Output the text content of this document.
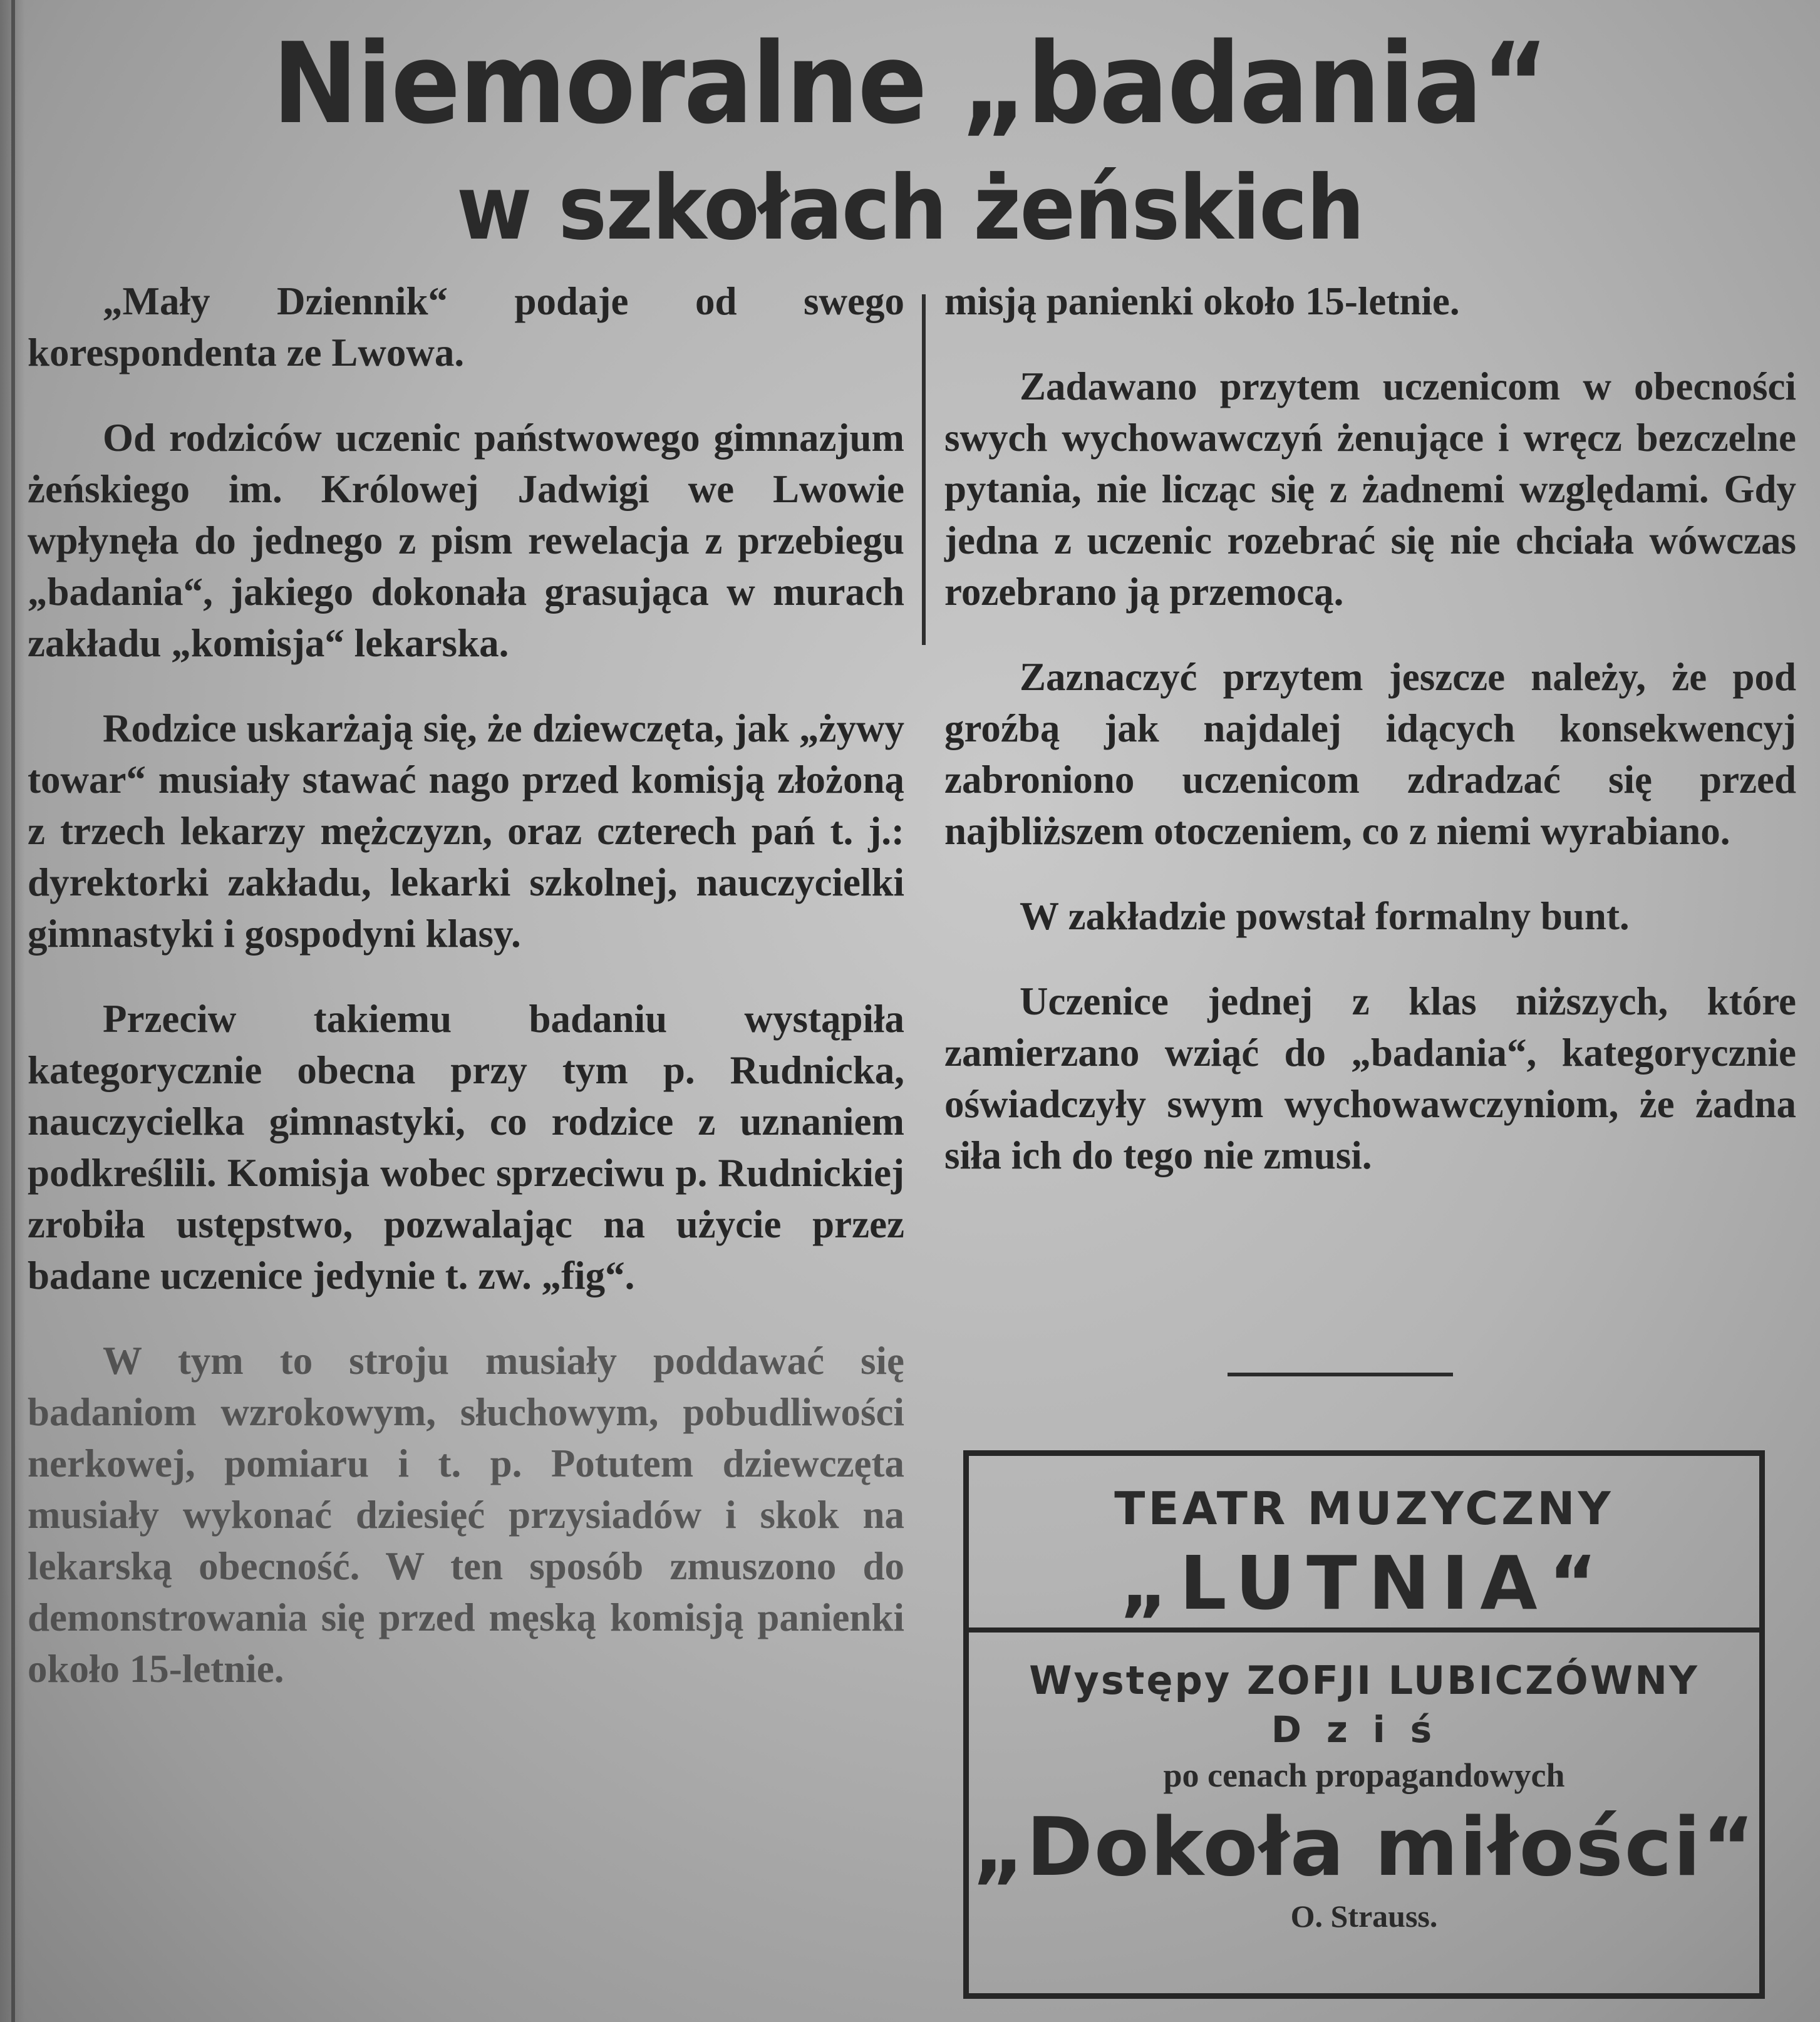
Niemoralne „badania“
w szkołach żeńskich

„Mały Dziennik“ podaje od swego korespondenta ze Lwowa.

Od rodziców uczenic państwowego gimnazjum żeńskiego im. Królowej Jadwigi we Lwowie wpłynęła do jednego z pism rewelacja z przebiegu „badania“, jakiego dokonała grasująca w murach zakładu „komisja“ lekarska.

Rodzice uskarżają się, że dziewczęta, jak „żywy towar“ musiały stawać nago przed komisją złożoną z trzech lekarzy mężczyzn, oraz czterech pań t. j.: dyrektorki zakładu, lekarki szkolnej, nauczycielki gimnastyki i gospodyni klasy.

Przeciw takiemu badaniu wystąpiła kategorycznie obecna przy tym p. Rudnicka, nauczycielka gimnastyki, co rodzice z uznaniem podkreślili. Komisja wobec sprzeciwu p. Rudnickiej zrobiła ustępstwo, pozwalając na użycie przez badane uczenice jedynie t. zw. „fig“.

W tym to stroju musiały poddawać się badaniom wzrokowym, słuchowym, pobudliwości nerkowej, pomiaru i t. p. Potutem dziewczęta musiały wykonać dziesięć przysiadów i skok na lekarską obecność. W ten sposób zmuszono do demonstrowania się przed męską komisją panienki około 15-letnie.

misją panienki około 15-letnie.

Zadawano przytem uczenicom w obecności swych wychowawczyń żenujące i wręcz bezczelne pytania, nie licząc się z żadnemi względami. Gdy jedna z uczenic rozebrać się nie chciała wówczas rozebrano ją przemocą.

Zaznaczyć przytem jeszcze należy, że pod groźbą jak najdalej idących konsekwencyj zabroniono uczenicom zdradzać się przed najbliższem otoczeniem, co z niemi wyrabiano.

W zakładzie powstał formalny bunt.

Uczenice jednej z klas niższych, które zamierzano wziąć do „badania“, kategorycznie oświadczyły swym wychowawczyniom, że żadna siła ich do tego nie zmusi.

TEATR MUZYCZNY
„LUTNIA“
Występy ZOFJI LUBICZÓWNY
Dziś
po cenach propagandowych
„Dokoła miłości“
O. Strauss.
